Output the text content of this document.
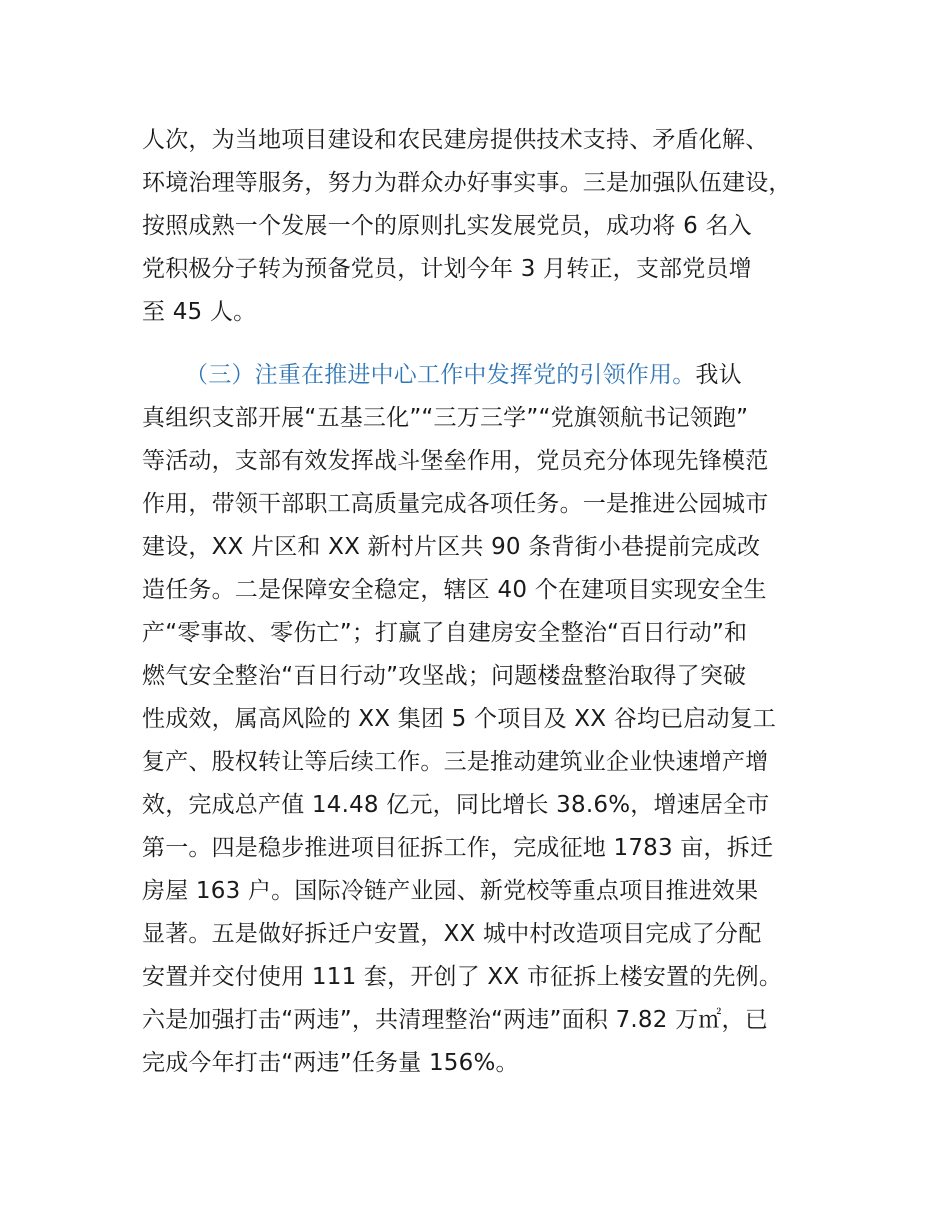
人次，为当地项目建设和农民建房提供技术支持、矛盾化解、
环境治理等服务，努力为群众办好事实事。三是加强队伍建设，
按照成熟一个发展一个的原则扎实发展党员，成功将 6 名入
党积极分子转为预备党员，计划今年 3 月转正，支部党员增
至 45 人。
（三）注重在推进中心工作中发挥党的引领作用。我认
真组织支部开展“五基三化”“三万三学”“党旗领航书记领跑”
等活动，支部有效发挥战斗堡垒作用，党员充分体现先锋模范
作用，带领干部职工高质量完成各项任务。一是推进公园城市
建设，XX 片区和 XX 新村片区共 90 条背街小巷提前完成改
造任务。二是保障安全稳定，辖区 40 个在建项目实现安全生
产“零事故、零伤亡”；打赢了自建房安全整治“百日行动”和
燃气安全整治“百日行动”攻坚战；问题楼盘整治取得了突破
性成效，属高风险的 XX 集团 5 个项目及 XX 谷均已启动复工
复产、股权转让等后续工作。三是推动建筑业企业快速增产增
效，完成总产值 14.48 亿元，同比增长 38.6%，增速居全市
第一。四是稳步推进项目征拆工作，完成征地 1783 亩，拆迁
房屋 163 户。国际冷链产业园、新党校等重点项目推进效果
显著。五是做好拆迁户安置，XX 城中村改造项目完成了分配
安置并交付使用 111 套，开创了 XX 市征拆上楼安置的先例。
六是加强打击“两违”，共清理整治“两违”面积 7.82 万㎡，已
完成今年打击“两违”任务量 156%。
